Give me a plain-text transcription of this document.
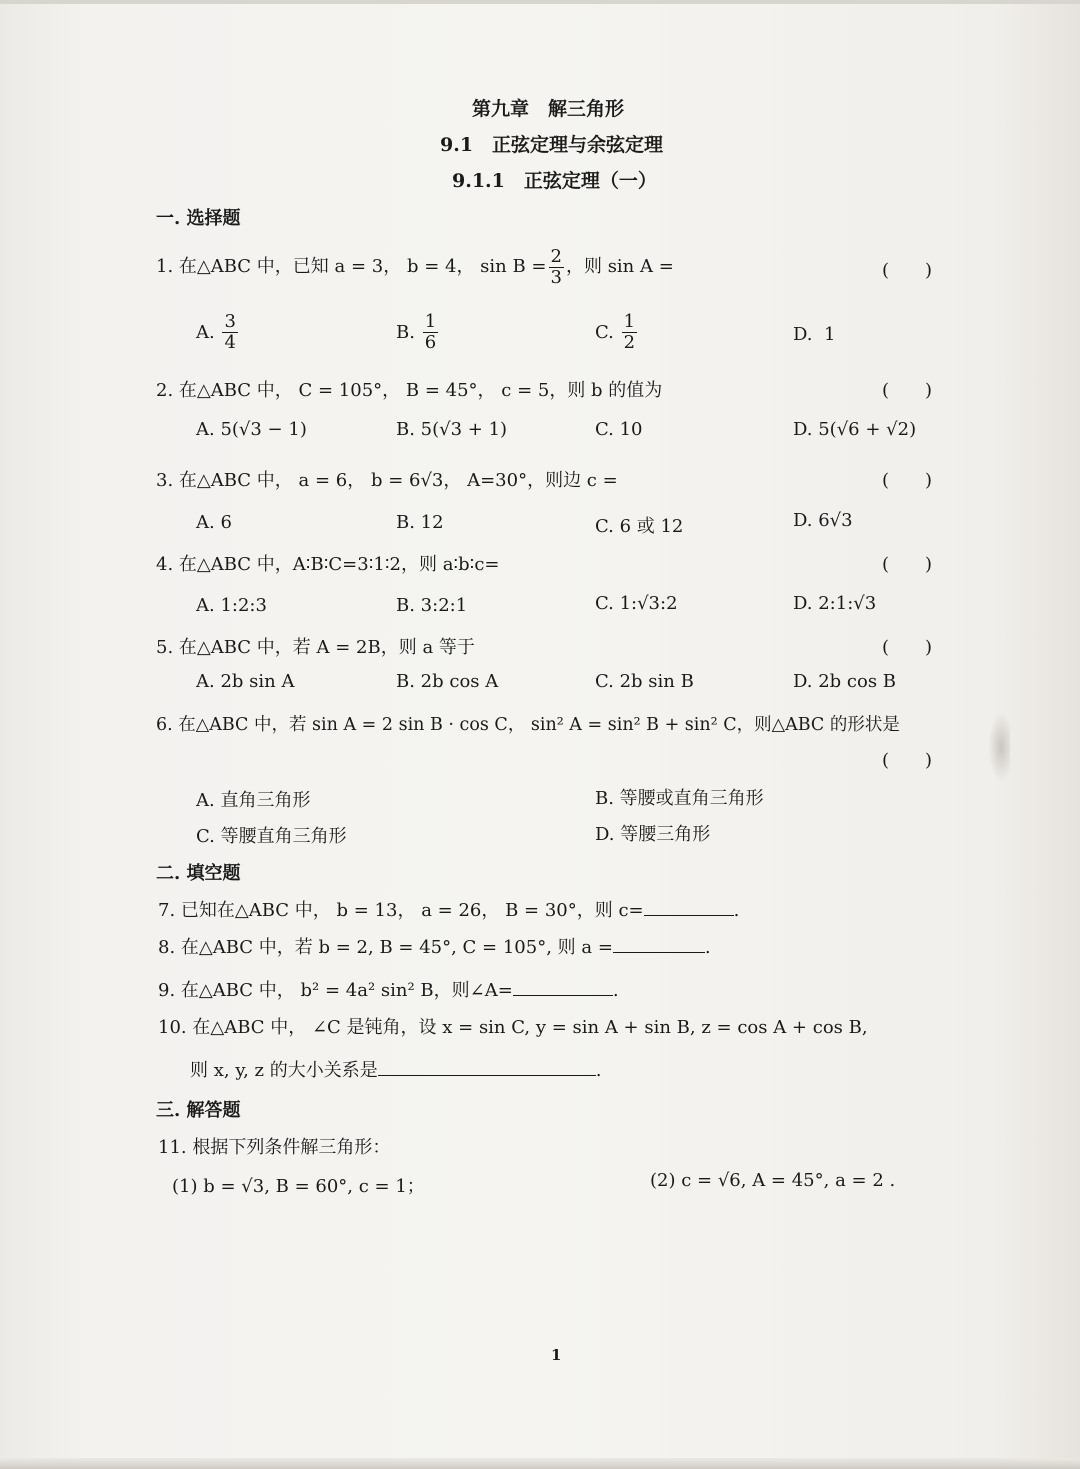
第九章　解三角形
9.1　正弦定理与余弦定理
9.1.1　正弦定理（一）
一. 选择题
1. 在△ABC 中，已知 a = 3， b = 4， $\sin B = \frac{2}{3}$ ，则 sin A =	(　　)
A. $\frac{3}{4}$	B. $\frac{1}{6}$	C. $\frac{1}{2}$	D. 1
2. 在△ABC 中， C = 105°， B = 45°， c = 5，则 b 的值为	(　　)
A. 5(√3 − 1)	B. 5(√3 + 1)	C. 10	D. 5(√6 + √2)
3. 在△ABC 中， a = 6， b = 6√3， A=30°，则边 c =	(　　)
A. 6	B. 12	C. 6 或 12	D. 6√3
4. 在△ABC 中，A∶B∶C=3∶1∶2，则 a∶b∶c=	(　　)
A. 1:2:3	B. 3:2:1	C. 1:√3:2	D. 2:1:√3
5. 在△ABC 中，若 A = 2B，则 a 等于	(　　)
A. 2b sin A	B. 2b cos A	C. 2b sin B	D. 2b cos B
6. 在△ABC 中，若 sin A = 2 sin B · cos C， sin² A = sin² B + sin² C，则△ABC 的形状是
(　　)
A. 直角三角形	B. 等腰或直角三角形
C. 等腰直角三角形	D. 等腰三角形
二. 填空题
7. 已知在△ABC 中， b = 13， a = 26， B = 30°，则 c=	.
8. 在△ABC 中，若 b = 2, B = 45°, C = 105°, 则 a =	.
9. 在△ABC 中， b² = 4a² sin² B，则∠A=	.
10. 在△ABC 中， ∠C 是钝角，设 x = sin C, y = sin A + sin B, z = cos A + cos B,
则 x, y, z 的大小关系是	.
三. 解答题
11. 根据下列条件解三角形：
(1) b = √3, B = 60°, c = 1；	(2) c = √6, A = 45°, a = 2 .
1
